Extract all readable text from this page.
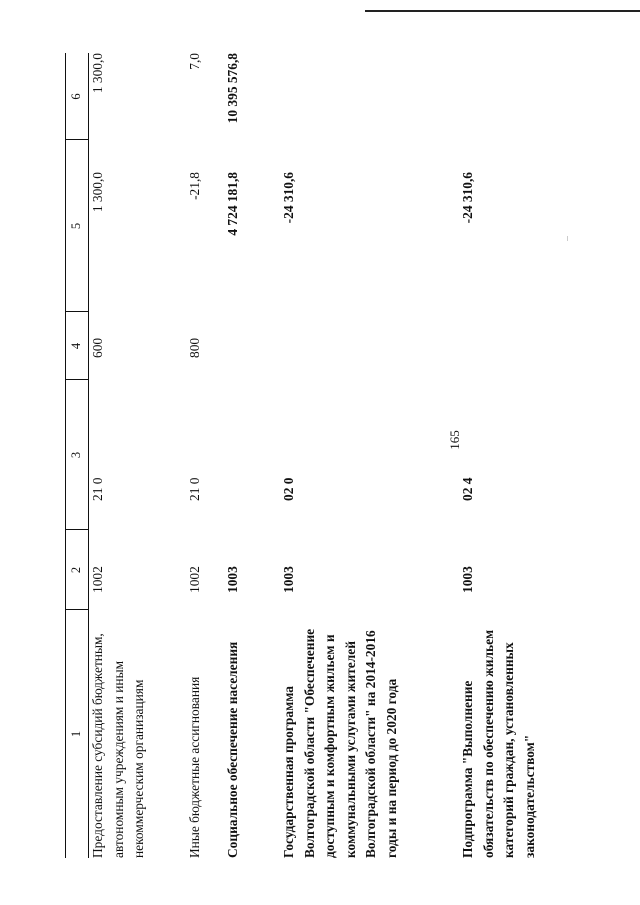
165
1
2
3
4
5
6
Предоставление субсидий бюджетным, автономным учреждениям и иным некоммерческим организациям
1002
21 0
600
1 300,0
1 300,0
Иные бюджетные ассигнования
1002
21 0
800
-21,8
7,0
Социальное обеспечение населения
1003
4 724 181,8
10 395 576,8
Государственная программа Волгоградской области "Обеспечение доступным и комфортным жильем и коммунальными услугами жителей Волгоградской области" на 2014-2016 годы и на период до 2020 года
1003
02 0
-24 310,6
Подпрограмма "Выполнение обязательств по обеспечению жильем категорий граждан, установленных законодательством"
1003
02 4
-24 310,6
